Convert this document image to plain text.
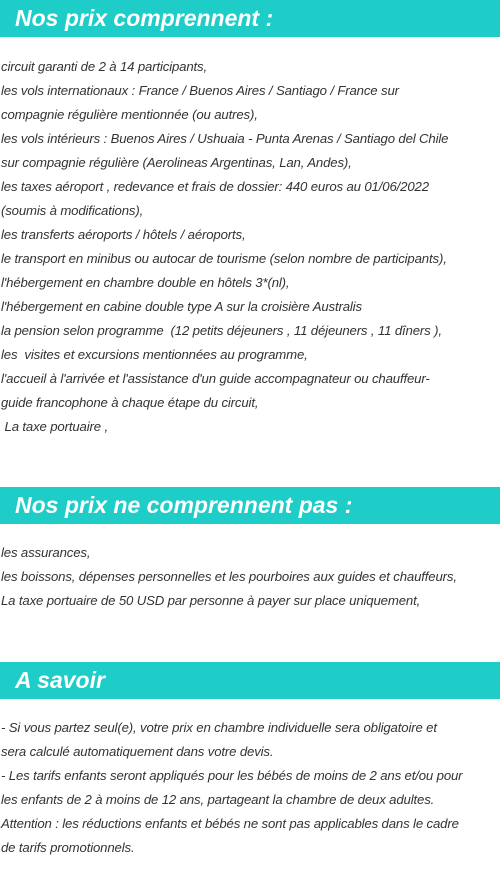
Nos prix comprennent :
circuit garanti de 2 à 14 participants,
les vols internationaux : France / Buenos Aires / Santiago / France sur
compagnie régulière mentionnée (ou autres),
les vols intérieurs : Buenos Aires / Ushuaia - Punta Arenas / Santiago del Chile
sur compagnie régulière (Aerolineas Argentinas, Lan, Andes),
les taxes aéroport , redevance et frais de dossier: 440 euros au 01/06/2022
(soumis à modifications),
les transferts aéroports / hôtels / aéroports,
le transport en minibus ou autocar de tourisme (selon nombre de participants),
l'hébergement en chambre double en hôtels 3*(nl),
l'hébergement en cabine double type A sur la croisière Australis
la pension selon programme  (12 petits déjeuners , 11 déjeuners , 11 dîners ),
les  visites et excursions mentionnées au programme,
l'accueil à l'arrivée et l'assistance d'un guide accompagnateur ou chauffeur-
guide francophone à chaque étape du circuit,
La taxe portuaire ,
Nos prix ne comprennent pas :
les assurances,
les boissons, dépenses personnelles et les pourboires aux guides et chauffeurs,
La taxe portuaire de 50 USD par personne à payer sur place uniquement,
A savoir
- Si vous partez seul(e), votre prix en chambre individuelle sera obligatoire et
sera calculé automatiquement dans votre devis.
- Les tarifs enfants seront appliqués pour les bébés de moins de 2 ans et/ou pour
les enfants de 2 à moins de 12 ans, partageant la chambre de deux adultes.
Attention : les réductions enfants et bébés ne sont pas applicables dans le cadre
de tarifs promotionnels.
